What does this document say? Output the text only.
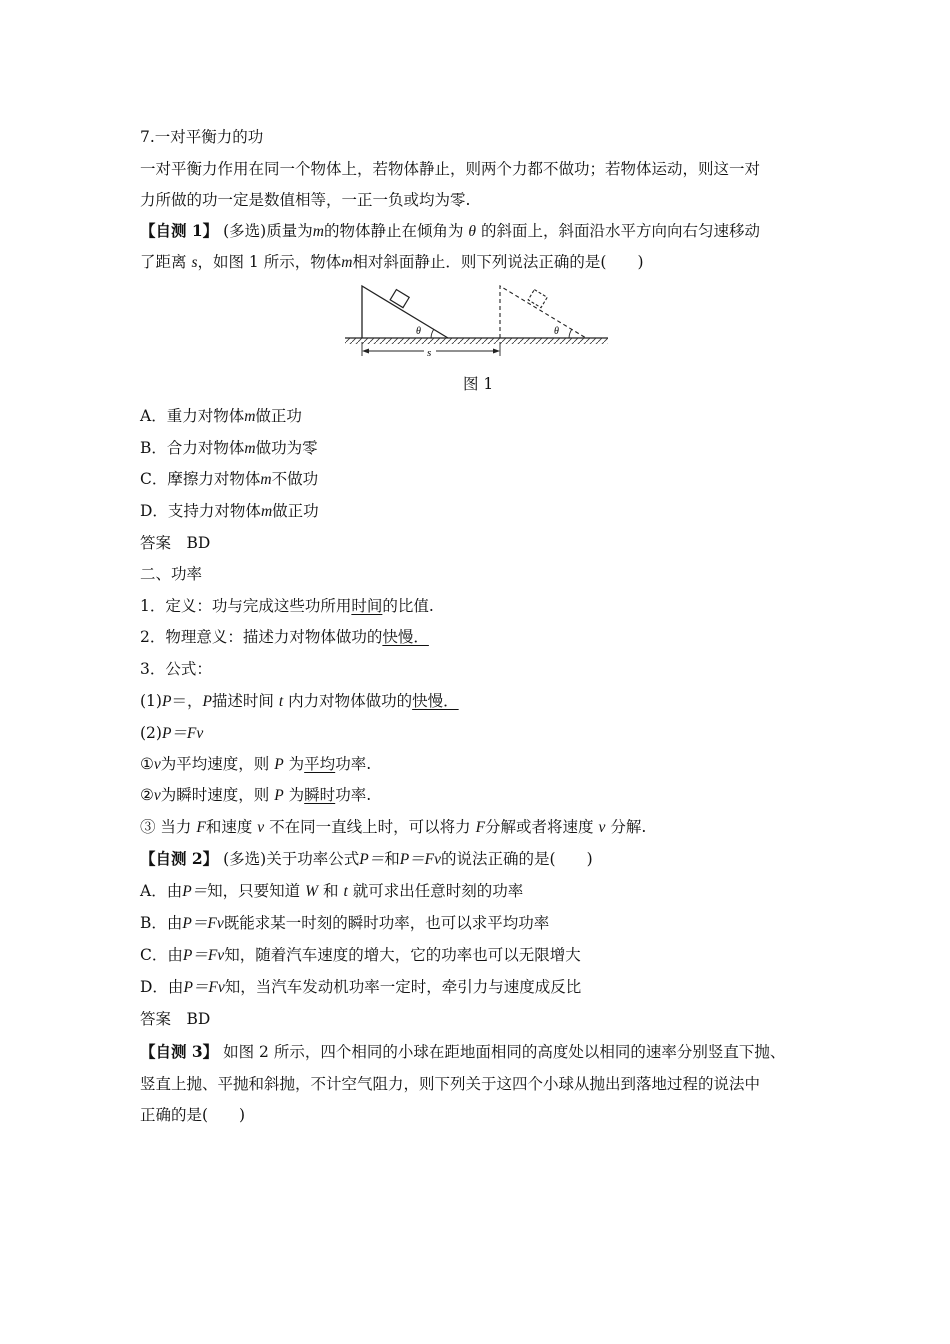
7.一对平衡力的功
一对平衡力作用在同一个物体上，若物体静止，则两个力都不做功；若物体运动，则这一对
力所做的功一定是数值相等，一正一负或均为零.
【自测 1】 (多选)质量为m的物体静止在倾角为 θ 的斜面上，斜面沿水平方向向右匀速移动
了距离 s，如图 1 所示，物体m相对斜面静止．则下列说法正确的是(　　)
θ	θ
s
图 1
A．重力对物体m做正功
B．合力对物体m做功为零
C．摩擦力对物体m不做功
D．支持力对物体m做正功
答案　BD
二、功率
1．定义：功与完成这些功所用时间的比值.
2．物理意义：描述力对物体做功的快慢．
3．公式：
(1)P＝，P描述时间 t 内力对物体做功的快慢．
(2)P＝Fv
①v为平均速度，则 P 为平均功率.
②v为瞬时速度，则 P 为瞬时功率.
③ 当力 F和速度 v 不在同一直线上时，可以将力 F分解或者将速度 v 分解.
【自测 2】 (多选)关于功率公式P＝和P＝Fv的说法正确的是(　　)
A．由P＝知，只要知道 W 和 t 就可求出任意时刻的功率
B．由P＝Fv既能求某一时刻的瞬时功率，也可以求平均功率
C．由P＝Fv知，随着汽车速度的增大，它的功率也可以无限增大
D．由P＝Fv知，当汽车发动机功率一定时，牵引力与速度成反比
答案　BD
【自测 3】 如图 2 所示，四个相同的小球在距地面相同的高度处以相同的速率分别竖直下抛、
竖直上抛、平抛和斜抛，不计空气阻力，则下列关于这四个小球从抛出到落地过程的说法中
正确的是(　　)
